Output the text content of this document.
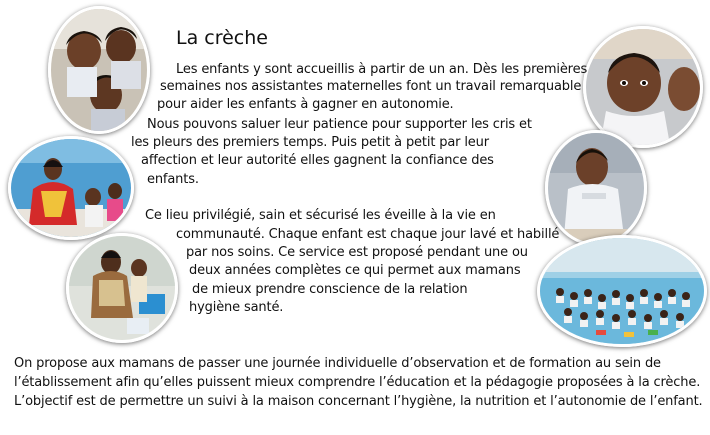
La crèche
Les enfants y sont accueillis à partir de un an. Dès les premières
semaines nos assistantes maternelles font un travail remarquable
pour aider les enfants à gagner en autonomie.
Nous pouvons saluer leur patience pour supporter les cris et
les pleurs des premiers temps. Puis petit à petit par leur
affection et leur autorité elles gagnent la confiance des
enfants.
Ce lieu privilégié, sain et sécurisé les éveille à la vie en
communauté. Chaque enfant est chaque jour lavé et habillé
par nos soins. Ce service est proposé pendant une ou
deux années complètes ce qui permet aux mamans
de mieux prendre conscience de la relation
hygiène santé.
On propose aux mamans de passer une journée individuelle d’observation et de formation au sein de
l’établissement afin qu’elles puissent mieux comprendre l’éducation et la pédagogie proposées à la crèche.
L’objectif est de permettre un suivi à la maison concernant l’hygiène, la nutrition et l’autonomie de l’enfant.
